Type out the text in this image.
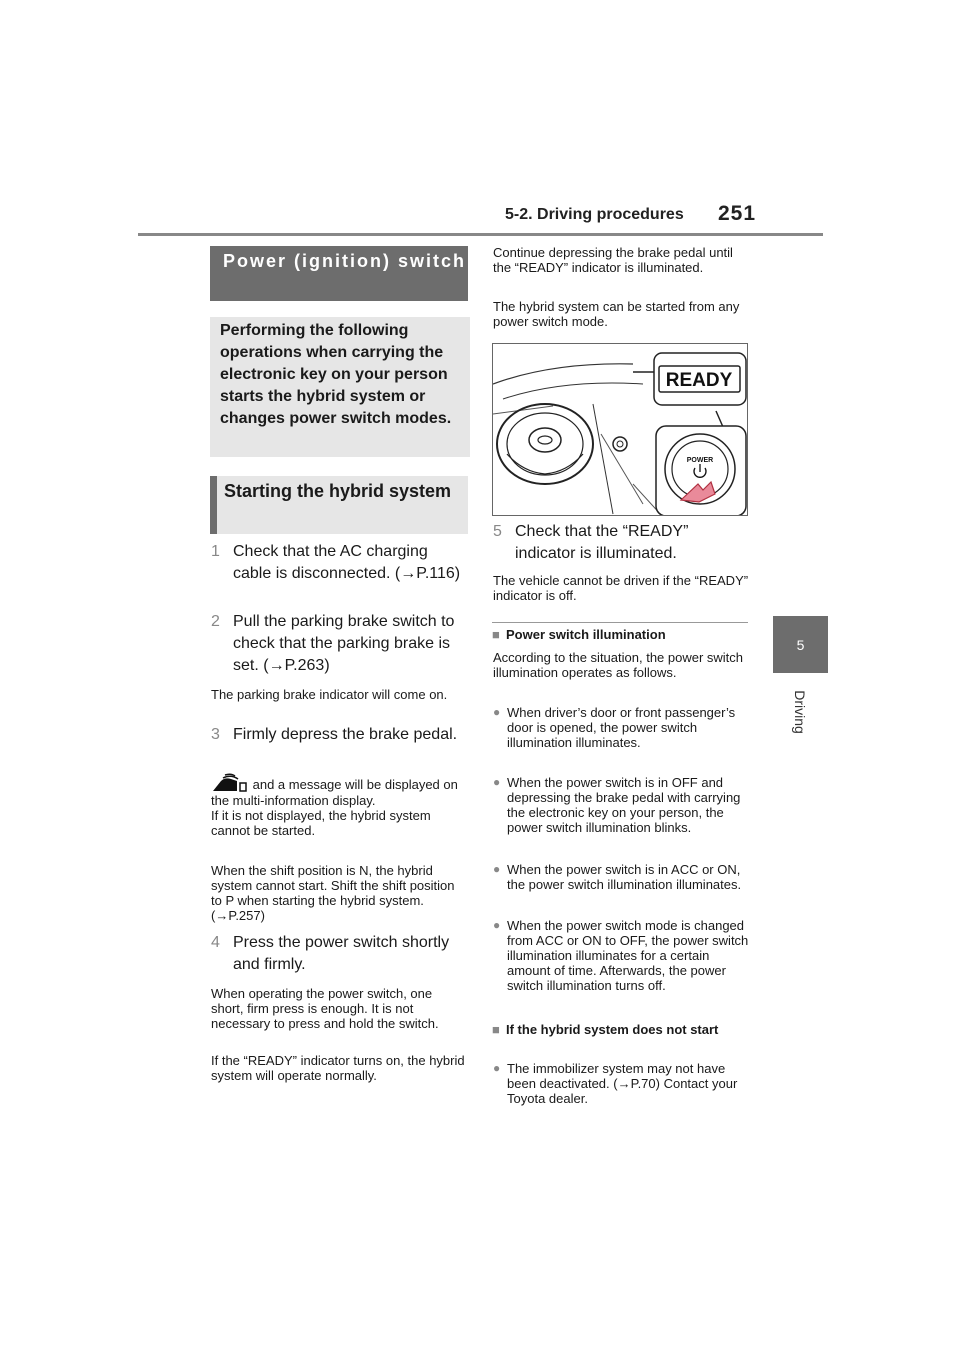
5-2. Driving procedures 251
5
Driving
Power (ignition) switch
Performing the following operations when carrying the electronic key on your person starts the hybrid system or changes power switch modes.
Starting the hybrid system
1 Check that the AC charging cable is disconnected. (→P.116)
2 Pull the parking brake switch to check that the parking brake is set. (→P.263)
The parking brake indicator will come on.
3 Firmly depress the brake pedal.
and a message will be displayed on the multi-information display.
If it is not displayed, the hybrid system cannot be started.
When the shift position is N, the hybrid system cannot start. Shift the shift position to P when starting the hybrid system. (→P.257)
4 Press the power switch shortly and firmly.
When operating the power switch, one short, firm press is enough. It is not necessary to press and hold the switch.
If the “READY” indicator turns on, the hybrid system will operate normally.
Continue depressing the brake pedal until the “READY” indicator is illuminated.
The hybrid system can be started from any power switch mode.
READY
POWER
5 Check that the “READY” indicator is illuminated.
The vehicle cannot be driven if the “READY” indicator is off.
■ Power switch illumination
According to the situation, the power switch illumination operates as follows.
● When driver’s door or front passenger’s door is opened, the power switch illumination illuminates.
● When the power switch is in OFF and depressing the brake pedal with carrying the electronic key on your person, the power switch illumination blinks.
● When the power switch is in ACC or ON, the power switch illumination illuminates.
● When the power switch mode is changed from ACC or ON to OFF, the power switch illumination illuminates for a certain amount of time. Afterwards, the power switch illumination turns off.
■ If the hybrid system does not start
● The immobilizer system may not have been deactivated. (→P.70) Contact your Toyota dealer.
